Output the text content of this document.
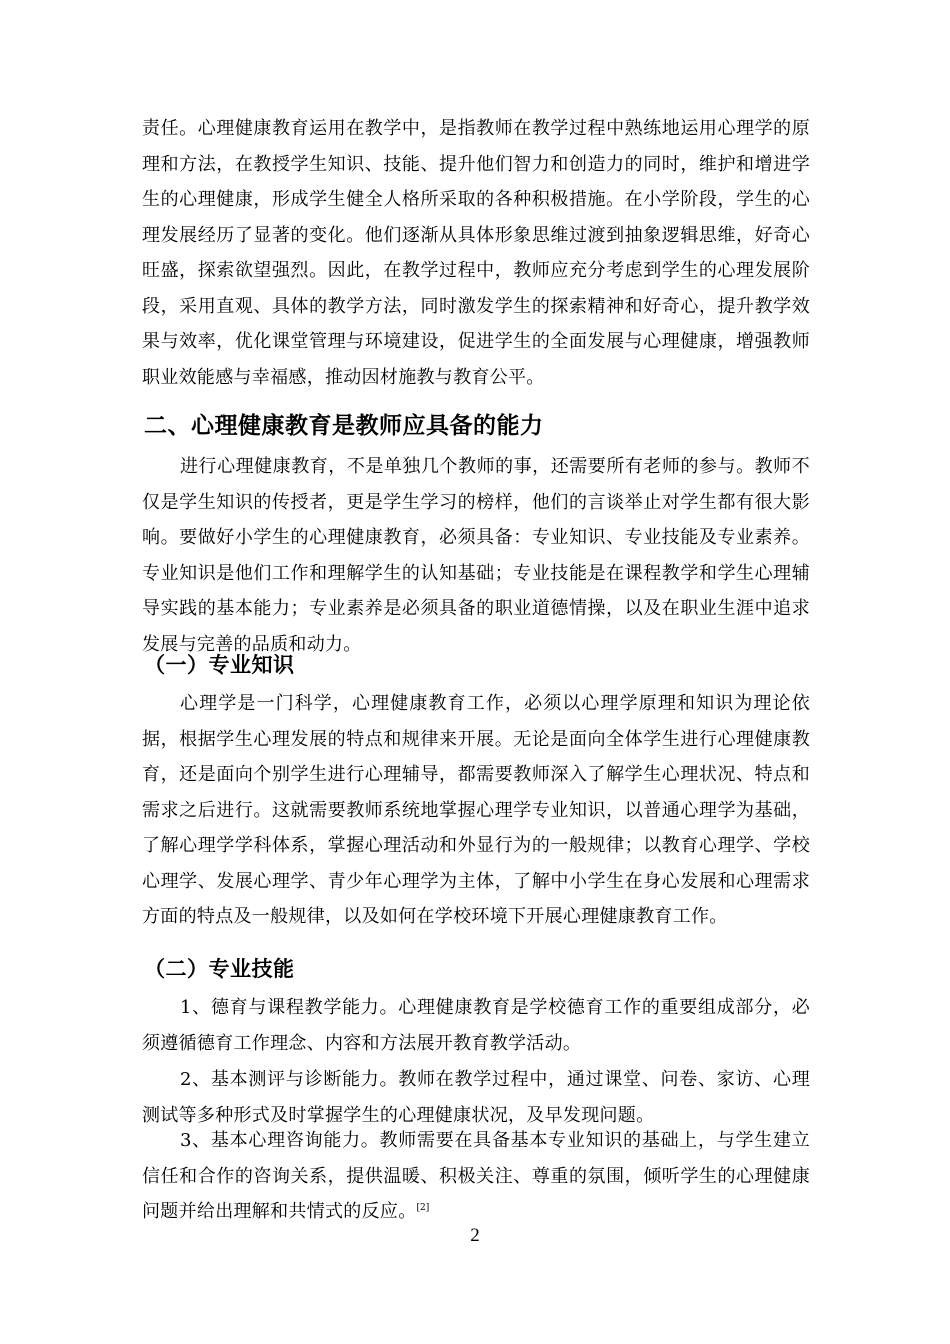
责任。心理健康教育运用在教学中，是指教师在教学过程中熟练地运用心理学的原理和方法，在教授学生知识、技能、提升他们智力和创造力的同时，维护和增进学生的心理健康，形成学生健全人格所采取的各种积极措施。在小学阶段，学生的心理发展经历了显著的变化。他们逐渐从具体形象思维过渡到抽象逻辑思维，好奇心旺盛，探索欲望强烈。因此，在教学过程中，教师应充分考虑到学生的心理发展阶段，采用直观、具体的教学方法，同时激发学生的探索精神和好奇心，提升教学效果与效率，优化课堂管理与环境建设，促进学生的全面发展与心理健康，增强教师职业效能感与幸福感，推动因材施教与教育公平。

二、心理健康教育是教师应具备的能力

进行心理健康教育，不是单独几个教师的事，还需要所有老师的参与。教师不仅是学生知识的传授者，更是学生学习的榜样，他们的言谈举止对学生都有很大影响。要做好小学生的心理健康教育，必须具备：专业知识、专业技能及专业素养。专业知识是他们工作和理解学生的认知基础；专业技能是在课程教学和学生心理辅导实践的基本能力；专业素养是必须具备的职业道德情操，以及在职业生涯中追求发展与完善的品质和动力。

（一）专业知识

心理学是一门科学，心理健康教育工作，必须以心理学原理和知识为理论依据，根据学生心理发展的特点和规律来开展。无论是面向全体学生进行心理健康教育，还是面向个别学生进行心理辅导，都需要教师深入了解学生心理状况、特点和需求之后进行。这就需要教师系统地掌握心理学专业知识，以普通心理学为基础，了解心理学学科体系，掌握心理活动和外显行为的一般规律；以教育心理学、学校心理学、发展心理学、青少年心理学为主体，了解中小学生在身心发展和心理需求方面的特点及一般规律，以及如何在学校环境下开展心理健康教育工作。

（二）专业技能

1、德育与课程教学能力。心理健康教育是学校德育工作的重要组成部分，必须遵循德育工作理念、内容和方法展开教育教学活动。

2、基本测评与诊断能力。教师在教学过程中，通过课堂、问卷、家访、心理测试等多种形式及时掌握学生的心理健康状况，及早发现问题。

3、基本心理咨询能力。教师需要在具备基本专业知识的基础上，与学生建立信任和合作的咨询关系，提供温暖、积极关注、尊重的氛围，倾听学生的心理健康问题并给出理解和共情式的反应。[2]

2
